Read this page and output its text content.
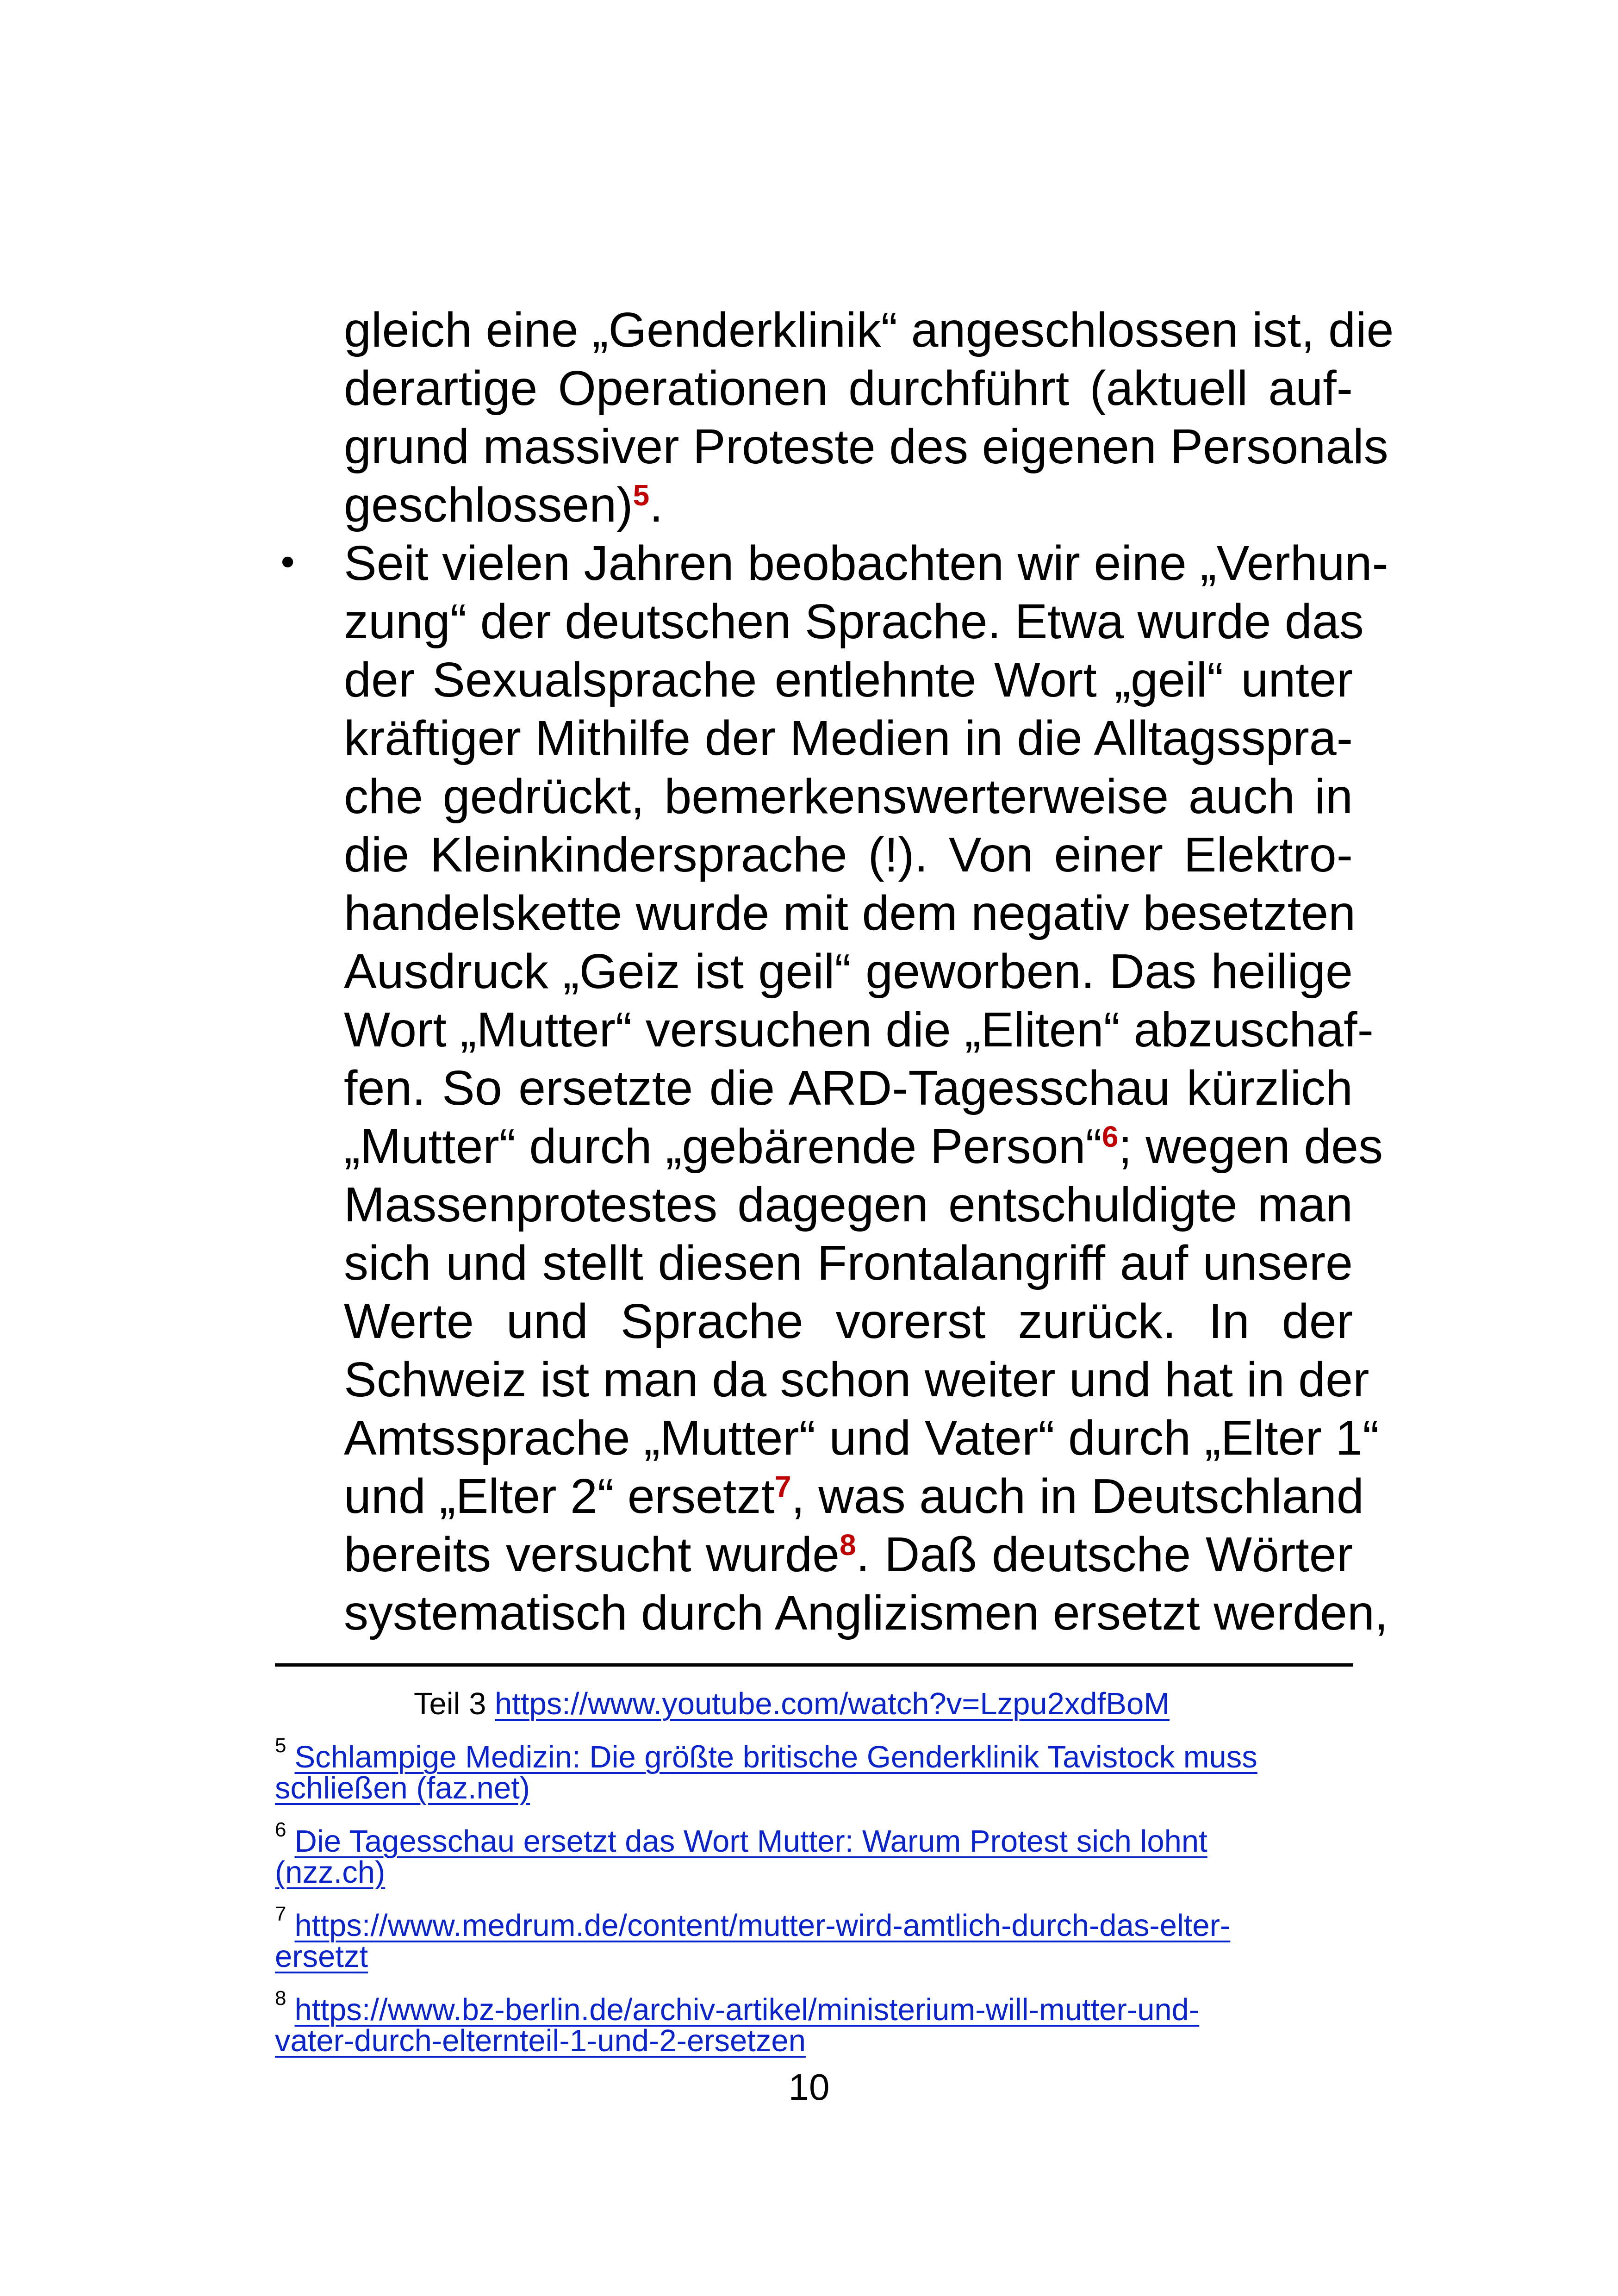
gleich eine „Genderklinik“ angeschlossen ist, die
derartige Operationen durchführt (aktuell auf-
grund massiver Proteste des eigenen Personals
geschlossen)$^5$.
• Seit vielen Jahren beobachten wir eine „Verhun-
zung“ der deutschen Sprache. Etwa wurde das
der Sexualsprache entlehnte Wort „geil“ unter
kräftiger Mithilfe der Medien in die Alltagsspra-
che gedrückt, bemerkenswerterweise auch in
die Kleinkindersprache (!). Von einer Elektro-
handelskette wurde mit dem negativ besetzten
Ausdruck „Geiz ist geil“ geworben. Das heilige
Wort „Mutter“ versuchen die „Eliten“ abzuschaf-
fen. So ersetzte die ARD-Tagesschau kürzlich
„Mutter“ durch „gebärende Person“$^6$; wegen des
Massenprotestes dagegen entschuldigte man
sich und stellt diesen Frontalangriff auf unsere
Werte und Sprache vorerst zurück. In der
Schweiz ist man da schon weiter und hat in der
Amtssprache „Mutter“ und Vater“ durch „Elter 1“
und „Elter 2“ ersetzt$^7$, was auch in Deutschland
bereits versucht wurde$^8$. Daß deutsche Wörter
systematisch durch Anglizismen ersetzt werden,
Teil 3 https://www.youtube.com/watch?v=Lzpu2xdfBoM
$^5$ Schlampige Medizin: Die größte britische Genderklinik Tavistock muss
schließen (faz.net)
$^6$ Die Tagesschau ersetzt das Wort Mutter: Warum Protest sich lohnt
(nzz.ch)
$^7$ https://www.medrum.de/content/mutter-wird-amtlich-durch-das-elter-
ersetzt
$^8$ https://www.bz-berlin.de/archiv-artikel/ministerium-will-mutter-und-
vater-durch-elternteil-1-und-2-ersetzen
10
